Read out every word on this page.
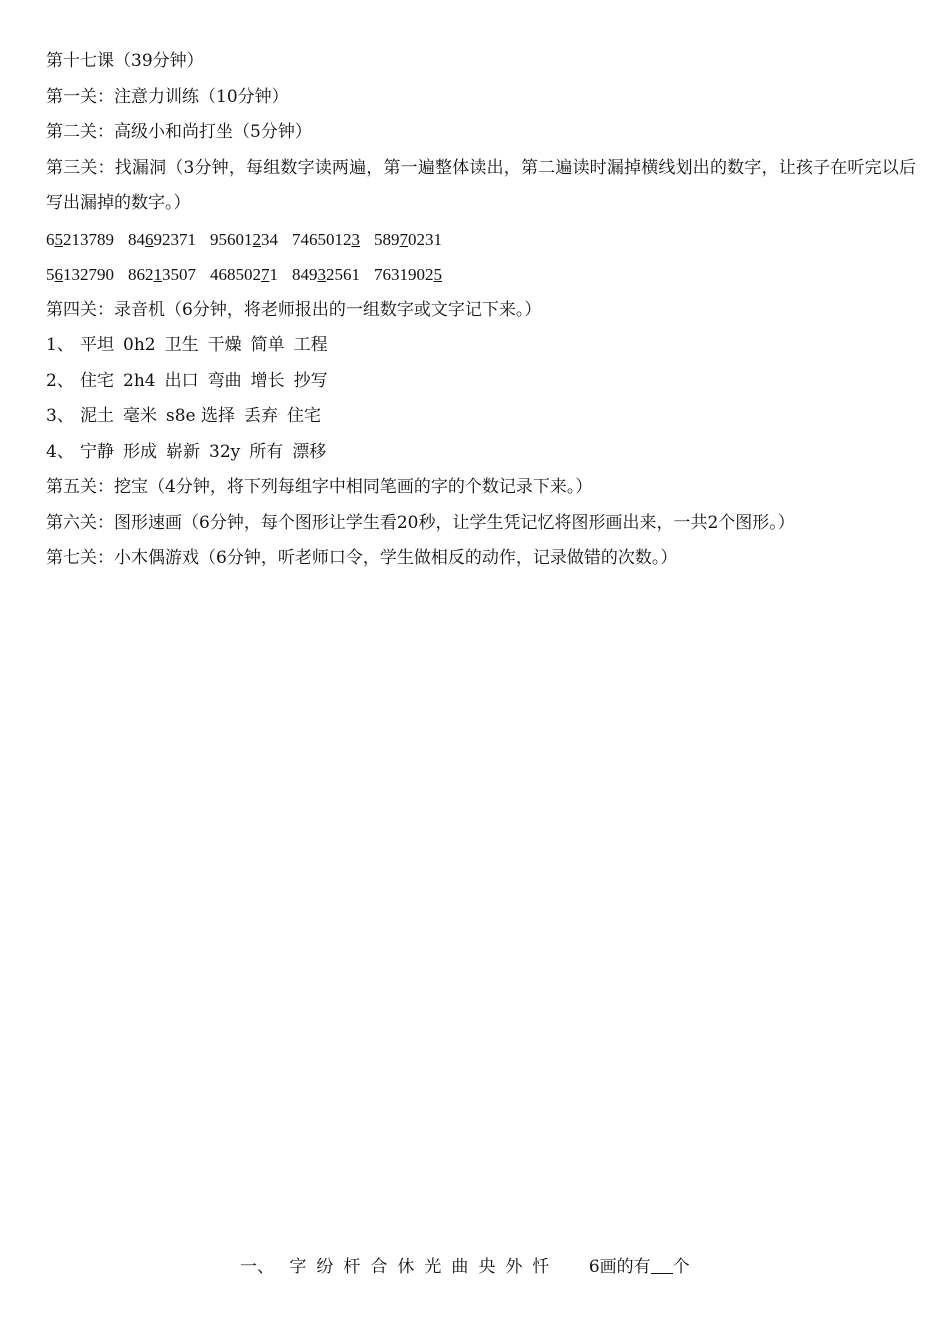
第十七课（39分钟）
第一关：注意力训练（10分钟）
第二关：高级小和尚打坐（5分钟）
第三关：找漏洞（3分钟，每组数字读两遍，第一遍整体读出，第二遍读时漏掉横线划出的数字，让孩子在听完以后写出漏掉的数字。）
65213789 84692371 95601234 74650123 58970231
56132790 86213507 46850271 84932561 76319025
第四关：录音机（6分钟，将老师报出的一组数字或文字记下来。）
1、 平坦 0h2 卫生 干燥 简单 工程
2、 住宅 2h4 出口 弯曲 增长 抄写
3、 泥土 毫米 s8e 选择 丢弃 住宅
4、 宁静 形成 崭新 32y 所有 漂移
第五关：挖宝（4分钟，将下列每组字中相同笔画的字的个数记录下来。）
第六关：图形速画（6分钟，每个图形让学生看20秒，让学生凭记忆将图形画出来，一共2个图形。）
第七关：小木偶游戏（6分钟，听老师口令，学生做相反的动作，记录做错的次数。）
一、 字 纷 杆 合 休 光 曲 央 外 忏 6画的有 个
